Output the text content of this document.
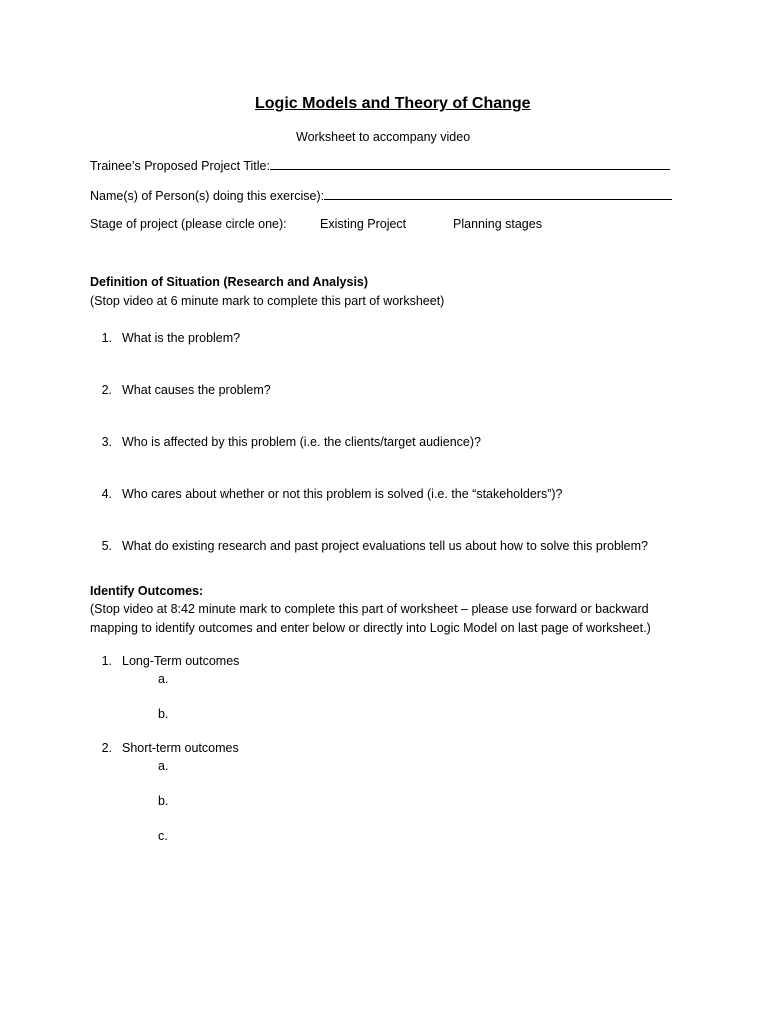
Logic Models and Theory of Change
Worksheet to accompany video
Trainee’s Proposed Project Title:
Name(s) of Person(s) doing this exercise):
Stage of project (please circle one):	Existing Project	Planning stages
Definition of Situation (Research and Analysis)
(Stop video at 6 minute mark to complete this part of worksheet)
1. What is the problem?
2. What causes the problem?
3. Who is affected by this problem (i.e. the clients/target audience)?
4. Who cares about whether or not this problem is solved (i.e. the “stakeholders”)?
5. What do existing research and past project evaluations tell us about how to solve this problem?
Identify Outcomes:
(Stop video at 8:42 minute mark to complete this part of worksheet – please use forward or backward
mapping to identify outcomes and enter below or directly into Logic Model on last page of worksheet.)
1. Long-Term outcomes
a.
b.
2. Short-term outcomes
a.
b.
c.
